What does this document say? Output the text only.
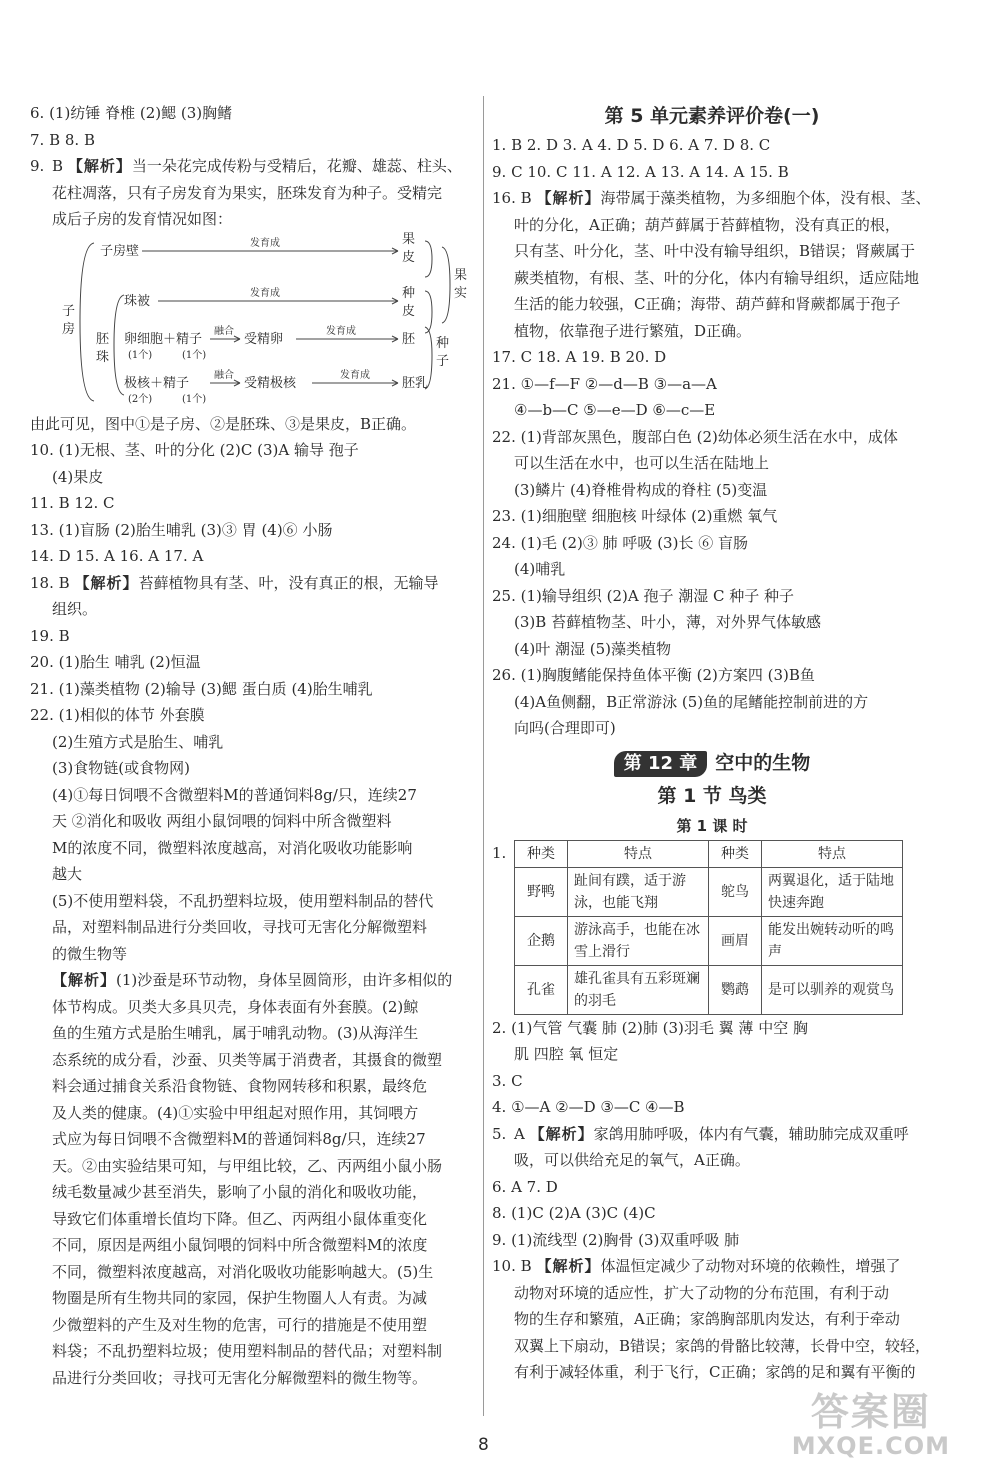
6. (1)纺锤 脊椎 (2)鳃 (3)胸鳍
7. B 8. B
9. B 【解析】当一朵花完成传粉与受精后，花瓣、雄蕊、柱头、
花柱凋落，只有子房发育为果实，胚珠发育为种子。受精完
成后子房的发育情况如图：
子房壁
发育成	果皮
子房
珠被
发育成	种皮
果实
胚珠
卵细胞＋精子
(1个)	(1个)
融合
受精卵
发育成
胚 种子
极核＋精子
(2个)	(1个)
融合
受精极核
发育成
胚乳
由此可见，图中①是子房、②是胚珠、③是果皮，B正确。
10. (1)无根、茎、叶的分化 (2)C (3)A 输导 孢子
(4)果皮
11. B 12. C
13. (1)盲肠 (2)胎生哺乳 (3)③ 胃 (4)⑥ 小肠
14. D 15. A 16. A 17. A
18. B 【解析】苔藓植物具有茎、叶，没有真正的根，无输导
组织。
19. B
20. (1)胎生 哺乳 (2)恒温
21. (1)藻类植物 (2)输导 (3)鳃 蛋白质 (4)胎生哺乳
22. (1)相似的体节 外套膜
(2)生殖方式是胎生、哺乳
(3)食物链(或食物网)
(4)①每日饲喂不含微塑料M的普通饲料8g/只，连续27
天 ②消化和吸收 两组小鼠饲喂的饲料中所含微塑料
M的浓度不同，微塑料浓度越高，对消化吸收功能影响
越大
(5)不使用塑料袋，不乱扔塑料垃圾，使用塑料制品的替代
品，对塑料制品进行分类回收，寻找可无害化分解微塑料
的微生物等
【解析】(1)沙蚕是环节动物，身体呈圆筒形，由许多相似的
体节构成。贝类大多具贝壳，身体表面有外套膜。(2)鲸
鱼的生殖方式是胎生哺乳，属于哺乳动物。(3)从海洋生
态系统的成分看，沙蚕、贝类等属于消费者，其摄食的微塑
料会通过捕食关系沿食物链、食物网转移和积累，最终危
及人类的健康。(4)①实验中甲组起对照作用，其饲喂方
式应为每日饲喂不含微塑料M的普通饲料8g/只，连续27
天。②由实验结果可知，与甲组比较，乙、丙两组小鼠小肠
绒毛数量减少甚至消失，影响了小鼠的消化和吸收功能，
导致它们体重增长值均下降。但乙、丙两组小鼠体重变化
不同，原因是两组小鼠饲喂的饲料中所含微塑料M的浓度
不同，微塑料浓度越高，对消化吸收功能影响越大。(5)生
物圈是所有生物共同的家园，保护生物圈人人有责。为减
少微塑料的产生及对生物的危害，可行的措施是不使用塑
料袋；不乱扔塑料垃圾；使用塑料制品的替代品；对塑料制
品进行分类回收；寻找可无害化分解微塑料的微生物等。
第 5 单元素养评价卷(一)
1. B 2. D 3. A 4. D 5. D 6. A 7. D 8. C
9. C 10. C 11. A 12. A 13. A 14. A 15. B
16. B 【解析】海带属于藻类植物，为多细胞个体，没有根、茎、
叶的分化，A正确；葫芦藓属于苔藓植物，没有真正的根，
只有茎、叶分化，茎、叶中没有输导组织，B错误；肾蕨属于
蕨类植物，有根、茎、叶的分化，体内有输导组织，适应陆地
生活的能力较强，C正确；海带、葫芦藓和肾蕨都属于孢子
植物，依靠孢子进行繁殖，D正确。
17. C 18. A 19. B 20. D
21. ①—f—F ②—d—B ③—a—A
④—b—C ⑤—e—D ⑥—c—E
22. (1)背部灰黑色，腹部白色 (2)幼体必须生活在水中，成体
可以生活在水中，也可以生活在陆地上
(3)鳞片 (4)脊椎骨构成的脊柱 (5)变温
23. (1)细胞壁 细胞核 叶绿体 (2)重燃 氧气
24. (1)毛 (2)③ 肺 呼吸 (3)长 ⑥ 盲肠
(4)哺乳
25. (1)输导组织 (2)A 孢子 潮湿 C 种子 种子
(3)B 苔藓植物茎、叶小，薄，对外界气体敏感
(4)叶 潮湿 (5)藻类植物
26. (1)胸腹鳍能保持鱼体平衡 (2)方案四 (3)B鱼
(4)A鱼侧翻，B正常游泳 (5)鱼的尾鳍能控制前进的方
向吗(合理即可)
第 12 章 空中的生物
第 1 节 鸟类
第 1 课 时
1. 种类	特点	种类	特点
野鸭	趾间有蹼，适于游泳，也能飞翔	鸵鸟	两翼退化，适于陆地快速奔跑
企鹅	游泳高手，也能在冰雪上滑行	画眉	能发出婉转动听的鸣声
孔雀	雄孔雀具有五彩斑斓的羽毛	鹦鹉	是可以驯养的观赏鸟
2. (1)气管 气囊 肺 (2)肺 (3)羽毛 翼 薄 中空 胸
肌 四腔 氧 恒定
3. C
4. ①—A ②—D ③—C ④—B
5. A 【解析】家鸽用肺呼吸，体内有气囊，辅助肺完成双重呼
吸，可以供给充足的氧气，A正确。
6. A 7. D
8. (1)C (2)A (3)C (4)C
9. (1)流线型 (2)胸骨 (3)双重呼吸 肺
10. B 【解析】体温恒定减少了动物对环境的依赖性，增强了
动物对环境的适应性，扩大了动物的分布范围，有利于动
物的生存和繁殖，A正确；家鸽胸部肌肉发达，有利于牵动
双翼上下扇动，B错误；家鸽的骨骼比较薄，长骨中空，较轻，
有利于减轻体重，利于飞行，C正确；家鸽的足和翼有平衡的
8
答案圈
MXQE.COM
